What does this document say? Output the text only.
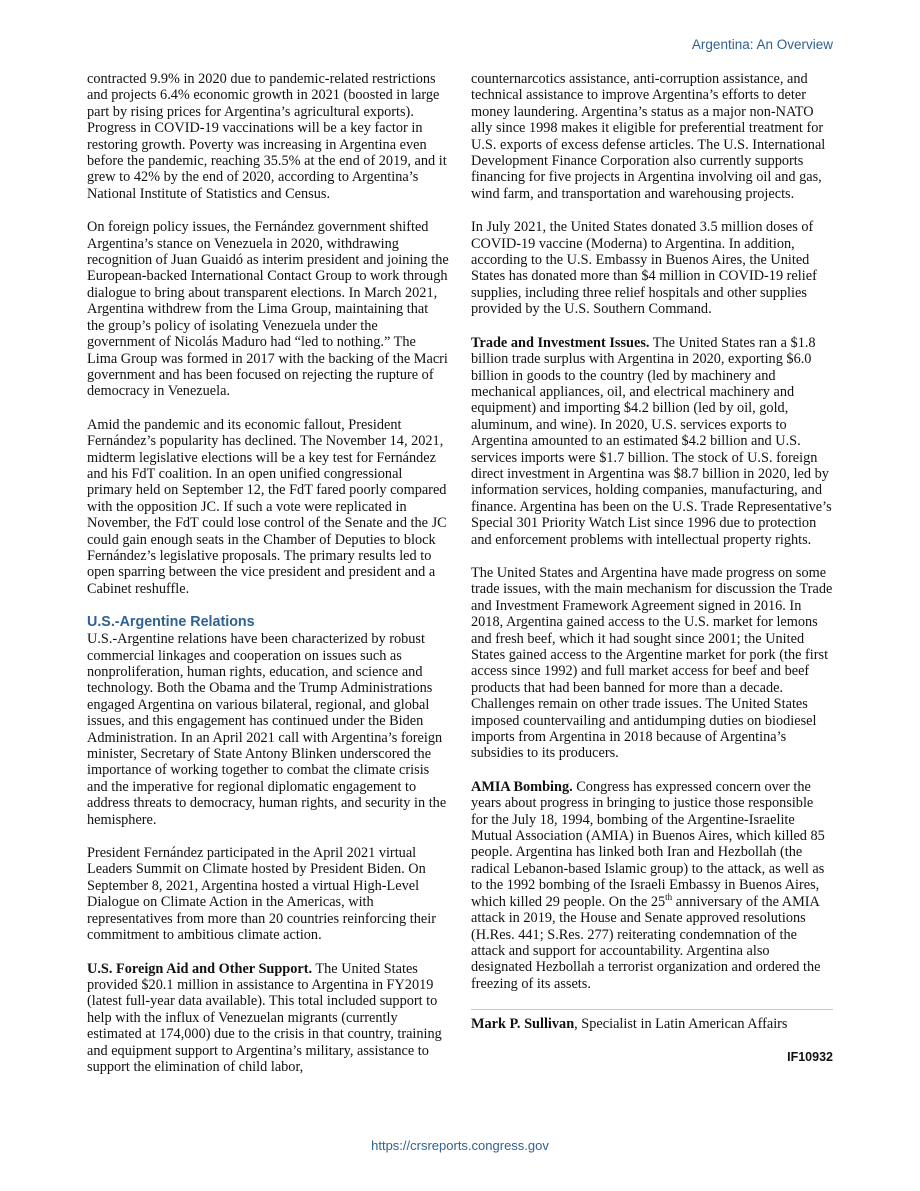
Argentina: An Overview

contracted 9.9% in 2020 due to pandemic-related restrictions and projects 6.4% economic growth in 2021 (boosted in large part by rising prices for Argentina’s agricultural exports). Progress in COVID-19 vaccinations will be a key factor in restoring growth. Poverty was increasing in Argentina even before the pandemic, reaching 35.5% at the end of 2019, and it grew to 42% by the end of 2020, according to Argentina’s National Institute of Statistics and Census.

On foreign policy issues, the Fernández government shifted Argentina’s stance on Venezuela in 2020, withdrawing recognition of Juan Guaidó as interim president and joining the European-backed International Contact Group to work through dialogue to bring about transparent elections. In March 2021, Argentina withdrew from the Lima Group, maintaining that the group’s policy of isolating Venezuela under the government of Nicolás Maduro had “led to nothing.” The Lima Group was formed in 2017 with the backing of the Macri government and has been focused on rejecting the rupture of democracy in Venezuela.

Amid the pandemic and its economic fallout, President Fernández’s popularity has declined. The November 14, 2021, midterm legislative elections will be a key test for Fernández and his FdT coalition. In an open unified congressional primary held on September 12, the FdT fared poorly compared with the opposition JC. If such a vote were replicated in November, the FdT could lose control of the Senate and the JC could gain enough seats in the Chamber of Deputies to block Fernández’s legislative proposals. The primary results led to open sparring between the vice president and president and a Cabinet reshuffle.

U.S.-Argentine Relations

U.S.-Argentine relations have been characterized by robust commercial linkages and cooperation on issues such as nonproliferation, human rights, education, and science and technology. Both the Obama and the Trump Administrations engaged Argentina on various bilateral, regional, and global issues, and this engagement has continued under the Biden Administration. In an April 2021 call with Argentina’s foreign minister, Secretary of State Antony Blinken underscored the importance of working together to combat the climate crisis and the imperative for regional diplomatic engagement to address threats to democracy, human rights, and security in the hemisphere.

President Fernández participated in the April 2021 virtual Leaders Summit on Climate hosted by President Biden. On September 8, 2021, Argentina hosted a virtual High-Level Dialogue on Climate Action in the Americas, with representatives from more than 20 countries reinforcing their commitment to ambitious climate action.

U.S. Foreign Aid and Other Support. The United States provided $20.1 million in assistance to Argentina in FY2019 (latest full-year data available). This total included support to help with the influx of Venezuelan migrants (currently estimated at 174,000) due to the crisis in that country, training and equipment support to Argentina’s military, assistance to support the elimination of child labor,

counternarcotics assistance, anti-corruption assistance, and technical assistance to improve Argentina’s efforts to deter money laundering. Argentina’s status as a major non-NATO ally since 1998 makes it eligible for preferential treatment for U.S. exports of excess defense articles. The U.S. International Development Finance Corporation also currently supports financing for five projects in Argentina involving oil and gas, wind farm, and transportation and warehousing projects.

In July 2021, the United States donated 3.5 million doses of COVID-19 vaccine (Moderna) to Argentina. In addition, according to the U.S. Embassy in Buenos Aires, the United States has donated more than $4 million in COVID-19 relief supplies, including three relief hospitals and other supplies provided by the U.S. Southern Command.

Trade and Investment Issues. The United States ran a $1.8 billion trade surplus with Argentina in 2020, exporting $6.0 billion in goods to the country (led by machinery and mechanical appliances, oil, and electrical machinery and equipment) and importing $4.2 billion (led by oil, gold, aluminum, and wine). In 2020, U.S. services exports to Argentina amounted to an estimated $4.2 billion and U.S. services imports were $1.7 billion. The stock of U.S. foreign direct investment in Argentina was $8.7 billion in 2020, led by information services, holding companies, manufacturing, and finance. Argentina has been on the U.S. Trade Representative’s Special 301 Priority Watch List since 1996 due to protection and enforcement problems with intellectual property rights.

The United States and Argentina have made progress on some trade issues, with the main mechanism for discussion the Trade and Investment Framework Agreement signed in 2016. In 2018, Argentina gained access to the U.S. market for lemons and fresh beef, which it had sought since 2001; the United States gained access to the Argentine market for pork (the first access since 1992) and full market access for beef and beef products that had been banned for more than a decade. Challenges remain on other trade issues. The United States imposed countervailing and antidumping duties on biodiesel imports from Argentina in 2018 because of Argentina’s subsidies to its producers.

AMIA Bombing. Congress has expressed concern over the years about progress in bringing to justice those responsible for the July 18, 1994, bombing of the Argentine-Israelite Mutual Association (AMIA) in Buenos Aires, which killed 85 people. Argentina has linked both Iran and Hezbollah (the radical Lebanon-based Islamic group) to the attack, as well as to the 1992 bombing of the Israeli Embassy in Buenos Aires, which killed 29 people. On the 25th anniversary of the AMIA attack in 2019, the House and Senate approved resolutions (H.Res. 441; S.Res. 277) reiterating condemnation of the attack and support for accountability. Argentina also designated Hezbollah a terrorist organization and ordered the freezing of its assets.

Mark P. Sullivan, Specialist in Latin American Affairs

IF10932
https://crsreports.congress.gov
